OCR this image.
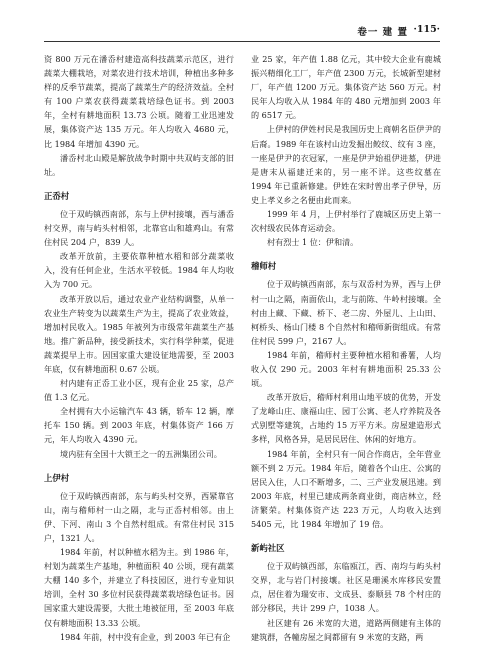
卷一 建 置 ·115·

资 800 万元在潘岙村建造高科技蔬菜示范区，进行蔬菜大棚栽培，对菜农进行技术培训，种植出多种多样的反季节蔬菜，提高了蔬菜生产的经济效益。全村有 100 户菜农获得蔬菜栽培绿色证书。到 2003 年，全村有耕地面积 13.73 公顷。随着工业迅速发展，集体资产达 135 万元。年人均收入 4680 元，比 1984 年增加 4390 元。

潘岙村北山殿是解放战争时期中共双屿支部的旧址。

正岙村

位于双屿镇西南部，东与上伊村接壤，西与潘岙村交界，南与屿头村相邻，北靠官山和雄鸡山。有常住村民 204 户，839 人。

改革开放前，主要依靠种植水稻和部分蔬菜收入，没有任何企业，生活水平较低。1984 年人均收入为 700 元。

改革开放以后，通过农业产业结构调整，从单一农业生产转变为以蔬菜生产为主，提高了农业效益，增加村民收入。1985 年被列为市级常年蔬菜生产基地。推广新品种，接受新技术，实行科学种菜，促进蔬菜提早上市。因国家重大建设征地需要，至 2003 年底，仅有耕地面积 0.67 公顷。

村内建有正岙工业小区，现有企业 25 家，总产值 1.3 亿元。

全村拥有大小运输汽车 43 辆，轿车 12 辆，摩托车 150 辆。到 2003 年底，村集体资产 166 万元，年人均收入 4390 元。

境内驻有全国十大锁王之一的五洲集团公司。

上伊村

位于双屿镇西南部，东与屿头村交界，西紧靠官山，南与稽师村一山之隔，北与正岙村相邻。由上伊、下河、南山 3 个自然村组成。有常住村民 315 户，1321 人。

1984 年前，村以种植水稻为主。到 1986 年，村划为蔬菜生产基地，种植面积 40 公顷，现有蔬菜大棚 140 多个，并建立了科技园区，进行专业知识培训，全村 30 多位村民获得蔬菜栽培绿色证书。因国家重大建设需要，大批土地被征用，至 2003 年底仅有耕地面积 13.33 公顷。

1984 年前，村中没有企业，到 2003 年已有企

业 25 家，年产值 1.88 亿元，其中较大企业有鹿城振兴精细化工厂，年产值 2300 万元，长城新型建材厂，年产值 1200 万元。集体资产达 560 万元。村民年人均收入从 1984 年的 480 元增加到 2003 年的 6517 元。

上伊村的伊姓村民是我国历史上商朝名臣伊尹的后裔。1989 年在该村山边发掘出鲛纹、纹有 3 座，一座是伊尹的衣冠冢，一座是伊尹始祖伊进墓，伊进是唐末从福建迁来的，另一座不详。这些纹墓在 1994 年已重新修建。伊姓在宋时曾出孝子伊导，历史上孝义乡之名便由此而来。

1999 年 4 月，上伊村举行了鹿城区历史上第一次村级农民体育运动会。

村有烈士 1 位：伊和清。

稽师村

位于双屿镇西南部，东与双岙村为界，西与上伊村一山之隔，南面依山，北与前陈、牛岭村接壤。全村由上藏、下藏、桥下、老二房、外屋儿、上山田、柯桥头、杨山门楼 8 个自然村和稽师新街组成。有常住村民 599 户，2167 人。

1984 年前，稽师村主要种植水稻和番薯，人均收入仅 290 元。2003 年村有耕地面积 25.33 公顷。

改革开放后，稽师村利用山地平坡的优势，开发了龙峰山庄、康福山庄、园丁公寓、老人疗养院及各式别墅等建筑，占地约 15 万平方米。房屋建造形式多样，风格各异，是居民居住、休闲的好地方。

1984 年前，全村只有一间合作商店，全年营业额不到 2 万元。1984 年后，随着各个山庄、公寓的居民入住，人口不断增多，二、三产业发展迅速。到 2003 年底，村里已建成两条商业街，商店林立，经济繁荣。村集体资产达 223 万元，人均收入达到 5405 元，比 1984 年增加了 19 倍。

新屿社区

位于双屿镇西部，东临瓯江，西、南均与屿头村交界，北与岩门村接壤。社区是珊溪水库移民安置点，居住着为瑞安市、文成县、泰顺县 78 个村庄的部分移民，共计 299 户，1038 人。

社区建有 26 米宽的大道，道路两侧建有主体的建筑群，各幢房屋之间都留有 9 米宽的支路，两
